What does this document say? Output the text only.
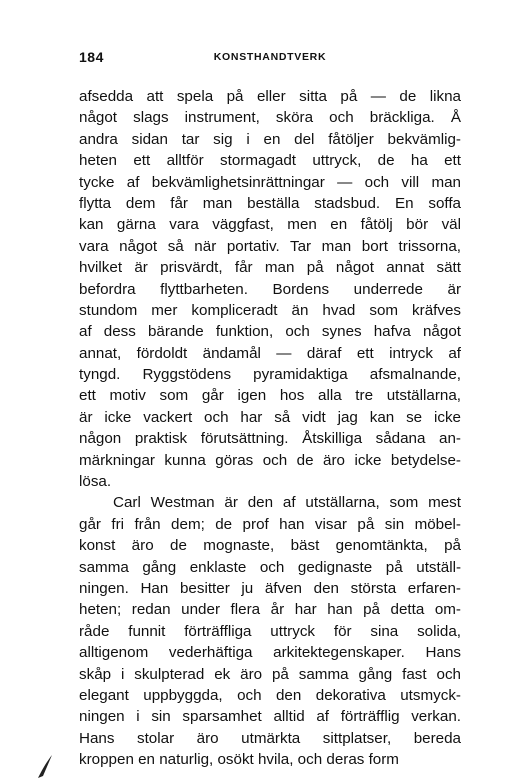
184	KONSTHANDTVERK
afsedda att spela på eller sitta på — de likna
något slags instrument, sköra och bräckliga. Å
andra sidan tar sig i en del fåtöljer bekvämlig-
heten ett alltför stormagadt uttryck, de ha ett
tycke af bekvämlighetsinrättningar — och vill man
flytta dem får man beställa stadsbud. En soffa
kan gärna vara väggfast, men en fåtölj bör väl
vara något så när portativ. Tar man bort trissorna,
hvilket är prisvärdt, får man på något annat sätt
befordra flyttbarheten. Bordens underrede är
stundom mer kompliceradt än hvad som kräfves
af dess bärande funktion, och synes hafva något
annat, fördoldt ändamål — däraf ett intryck af
tyngd. Ryggstödens pyramidaktiga afsmalnande,
ett motiv som går igen hos alla tre utställarna,
är icke vackert och har så vidt jag kan se icke
någon praktisk förutsättning. Åtskilliga sådana an-
märkningar kunna göras och de äro icke betydelse-
lösa.
Carl Westman är den af utställarna, som mest
går fri från dem; de prof han visar på sin möbel-
konst äro de mognaste, bäst genomtänkta, på
samma gång enklaste och gedignaste på utställ-
ningen. Han besitter ju äfven den största erfaren-
heten; redan under flera år har han på detta om-
råde funnit förträffliga uttryck för sina solida,
alltigenom vederhäftiga arkitektegenskaper. Hans
skåp i skulpterad ek äro på samma gång fast och
elegant uppbyggda, och den dekorativa utsmyck-
ningen i sin sparsamhet alltid af förträfflig verkan.
Hans stolar äro utmärkta sittplatser, bereda
kroppen en naturlig, osökt hvila, och deras form
